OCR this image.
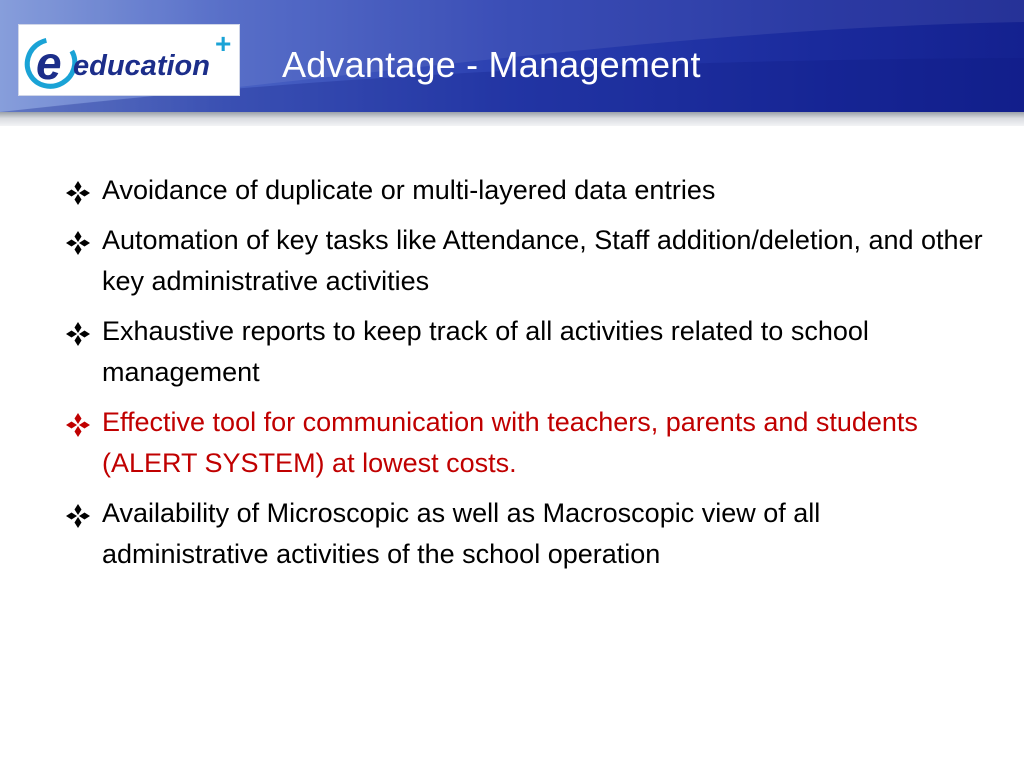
e education
+
Advantage - Management
Avoidance of duplicate or multi-layered data entries
Automation of key tasks like Attendance, Staff addition/deletion, and other key administrative activities
Exhaustive reports to keep track of all activities related to school management
Effective tool for communication with teachers, parents and students (ALERT SYSTEM) at lowest costs.
Availability of Microscopic as well as Macroscopic view of all administrative activities of the school operation
